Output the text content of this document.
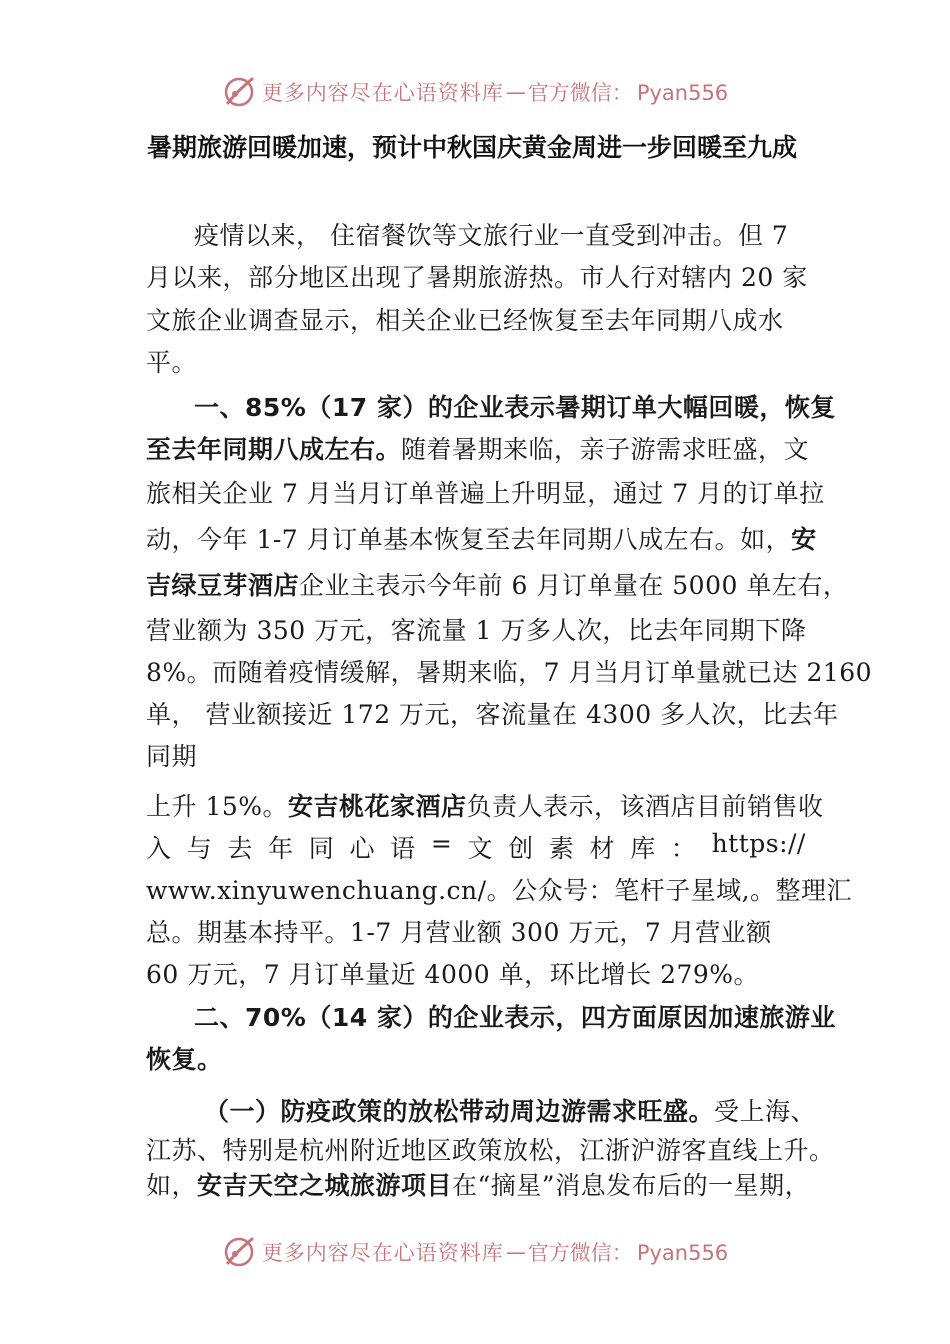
更多内容尽在心语资料库 — 官方微信： Pyan556
暑期旅游回暖加速，预计中秋国庆黄金周进一步回暖至九成
疫情以来， 住宿餐饮等文旅行业一直受到冲击。但 7
月以来，部分地区出现了暑期旅游热。市人行对辖内 20 家
文旅企业调查显示，相关企业已经恢复至去年同期八成水
平。
一、85%（17 家）的企业表示暑期订单大幅回暖，恢复
至去年同期八成左右。随着暑期来临，亲子游需求旺盛，文
旅相关企业 7 月当月订单普遍上升明显，通过 7 月的订单拉
动，今年 1-7 月订单基本恢复至去年同期八成左右。如，安
吉绿豆芽酒店企业主表示今年前 6 月订单量在 5000 单左右，
营业额为 350 万元，客流量 1 万多人次，比去年同期下降
8%。而随着疫情缓解，暑期来临，7 月当月订单量就已达 2160
单， 营业额接近 172 万元，客流量在 4300 多人次，比去年
同期
上升 15%。安吉桃花家酒店负责人表示，该酒店目前销售收
入 与 去 年 同 心 语 = 文 创 素 材 库 ： https://
www.xinyuwenchuang.cn/。公众号：笔杆子星域,。整理汇
总。期基本持平。1-7 月营业额 300 万元，7 月营业额
60 万元，7 月订单量近 4000 单，环比增长 279%。
二、70%（14 家）的企业表示，四方面原因加速旅游业
恢复。
（一）防疫政策的放松带动周边游需求旺盛。受上海、
江苏、特别是杭州附近地区政策放松，江浙沪游客直线上升。
如，安吉天空之城旅游项目在“摘星”消息发布后的一星期，
更多内容尽在心语资料库 — 官方微信： Pyan556
